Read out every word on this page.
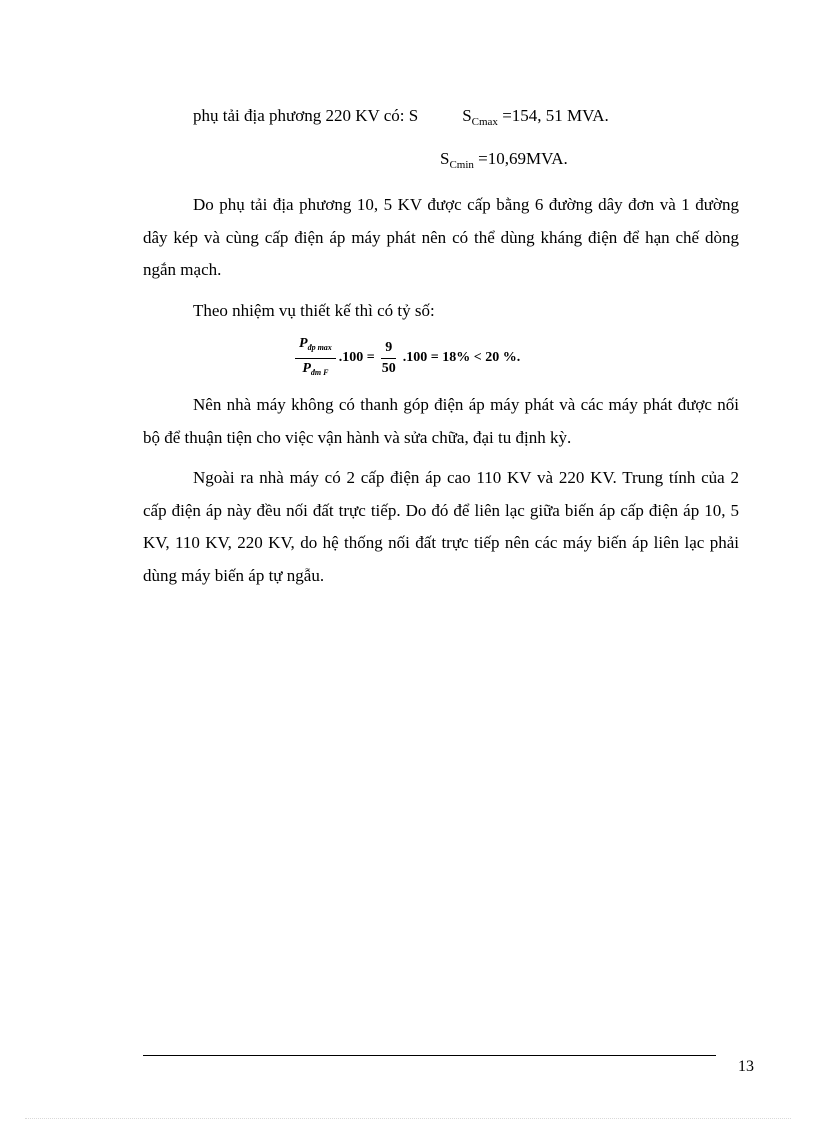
phụ tải địa phương 220 KV có: S	$S_{Cmax} =154$, 51 MVA.
$S_{Cmin} =10,69MVA$.

Do phụ tải địa phương 10, 5 KV được cấp bằng 6 đường dây đơn và 1 đường dây kép và cùng cấp điện áp máy phát nên có thể dùng kháng điện để hạn chế dòng ngắn mạch.

Theo nhiệm vụ thiết kế thì có tỷ số:

$\frac{P_{đp max}}{P_{đm F}} .100 = \frac{9}{50} .100 = 18\% < 20$ %.

Nên nhà máy không có thanh góp điện áp máy phát và các máy phát được nối bộ để thuận tiện cho việc vận hành và sửa chữa, đại tu định kỳ.

Ngoài ra nhà máy có 2 cấp điện áp cao 110 KV và 220 KV. Trung tính của 2 cấp điện áp này đều nối đất trực tiếp. Do đó để liên lạc giữa biến áp cấp điện áp 10, 5 KV, 110 KV, 220 KV, do hệ thống nối đất trực tiếp nên các máy biến áp liên lạc phải dùng máy biến áp tự ngẫu.

13
